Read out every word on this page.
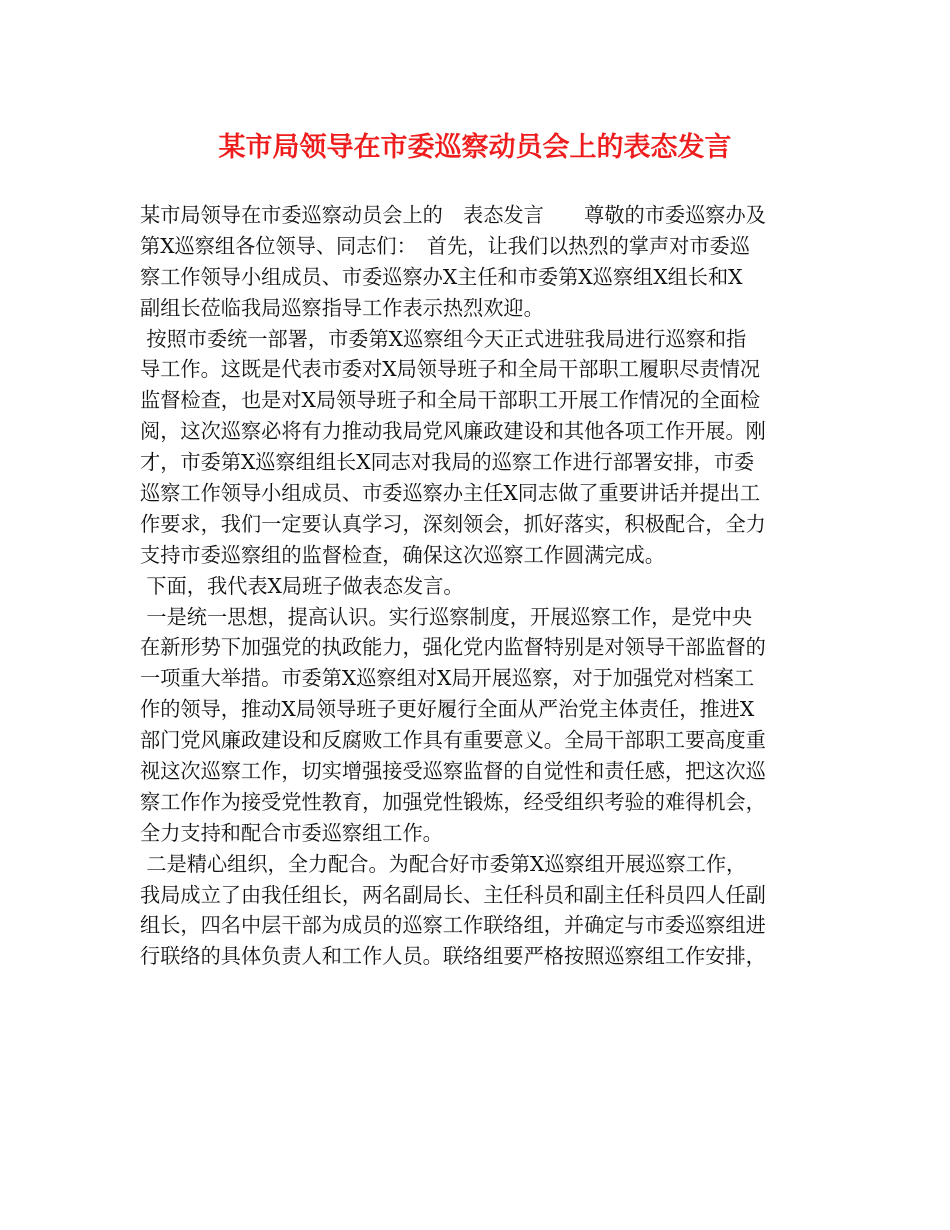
某市局领导在市委巡察动员会上的表态发言
某市局领导在市委巡察动员会上的　表态发言　　尊敬的市委巡察办及
第X巡察组各位领导、同志们：　首先，让我们以热烈的掌声对市委巡
察工作领导小组成员、市委巡察办X主任和市委第X巡察组X组长和X
副组长莅临我局巡察指导工作表示热烈欢迎。
按照市委统一部署，市委第X巡察组今天正式进驻我局进行巡察和指
导工作。这既是代表市委对X局领导班子和全局干部职工履职尽责情况
监督检查，也是对X局领导班子和全局干部职工开展工作情况的全面检
阅，这次巡察必将有力推动我局党风廉政建设和其他各项工作开展。刚
才，市委第X巡察组组长X同志对我局的巡察工作进行部署安排，市委
巡察工作领导小组成员、市委巡察办主任X同志做了重要讲话并提出工
作要求，我们一定要认真学习，深刻领会，抓好落实，积极配合，全力
支持市委巡察组的监督检查，确保这次巡察工作圆满完成。
下面，我代表X局班子做表态发言。
一是统一思想，提高认识。实行巡察制度，开展巡察工作，是党中央
在新形势下加强党的执政能力，强化党内监督特别是对领导干部监督的
一项重大举措。市委第X巡察组对X局开展巡察，对于加强党对档案工
作的领导，推动X局领导班子更好履行全面从严治党主体责任，推进X
部门党风廉政建设和反腐败工作具有重要意义。全局干部职工要高度重
视这次巡察工作，切实增强接受巡察监督的自觉性和责任感，把这次巡
察工作作为接受党性教育，加强党性锻炼，经受组织考验的难得机会，
全力支持和配合市委巡察组工作。
二是精心组织，全力配合。为配合好市委第X巡察组开展巡察工作，
我局成立了由我任组长，两名副局长、主任科员和副主任科员四人任副
组长，四名中层干部为成员的巡察工作联络组，并确定与市委巡察组进
行联络的具体负责人和工作人员。联络组要严格按照巡察组工作安排，
